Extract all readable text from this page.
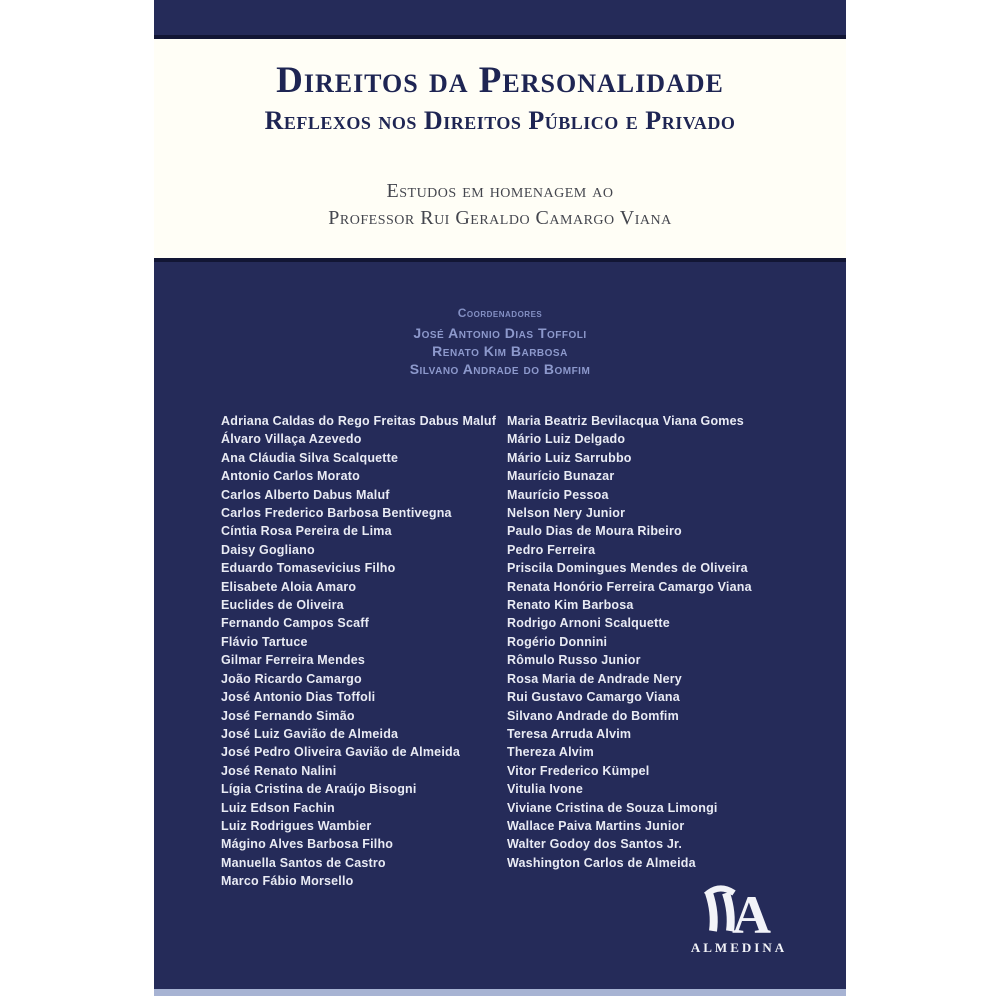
Direitos da Personalidade
Reflexos nos Direitos Público e Privado
Estudos em homenagem ao
Professor Rui Geraldo Camargo Viana
Coordenadores
José Antonio Dias Toffoli
Renato Kim Barbosa
Silvano Andrade do Bomfim
Adriana Caldas do Rego Freitas Dabus Maluf
Álvaro Villaça Azevedo
Ana Cláudia Silva Scalquette
Antonio Carlos Morato
Carlos Alberto Dabus Maluf
Carlos Frederico Barbosa Bentivegna
Cíntia Rosa Pereira de Lima
Daisy Gogliano
Eduardo Tomasevicius Filho
Elisabete Aloia Amaro
Euclides de Oliveira
Fernando Campos Scaff
Flávio Tartuce
Gilmar Ferreira Mendes
João Ricardo Camargo
José Antonio Dias Toffoli
José Fernando Simão
José Luiz Gavião de Almeida
José Pedro Oliveira Gavião de Almeida
José Renato Nalini
Lígia Cristina de Araújo Bisogni
Luiz Edson Fachin
Luiz Rodrigues Wambier
Mágino Alves Barbosa Filho
Manuella Santos de Castro
Marco Fábio Morsello
Maria Beatriz Bevilacqua Viana Gomes
Mário Luiz Delgado
Mário Luiz Sarrubbo
Maurício Bunazar
Maurício Pessoa
Nelson Nery Junior
Paulo Dias de Moura Ribeiro
Pedro Ferreira
Priscila Domingues Mendes de Oliveira
Renata Honório Ferreira Camargo Viana
Renato Kim Barbosa
Rodrigo Arnoni Scalquette
Rogério Donnini
Rômulo Russo Junior
Rosa Maria de Andrade Nery
Rui Gustavo Camargo Viana
Silvano Andrade do Bomfim
Teresa Arruda Alvim
Thereza Alvim
Vitor Frederico Kümpel
Vitulia Ivone
Viviane Cristina de Souza Limongi
Wallace Paiva Martins Junior
Walter Godoy dos Santos Jr.
Washington Carlos de Almeida
A
ALMEDINA
